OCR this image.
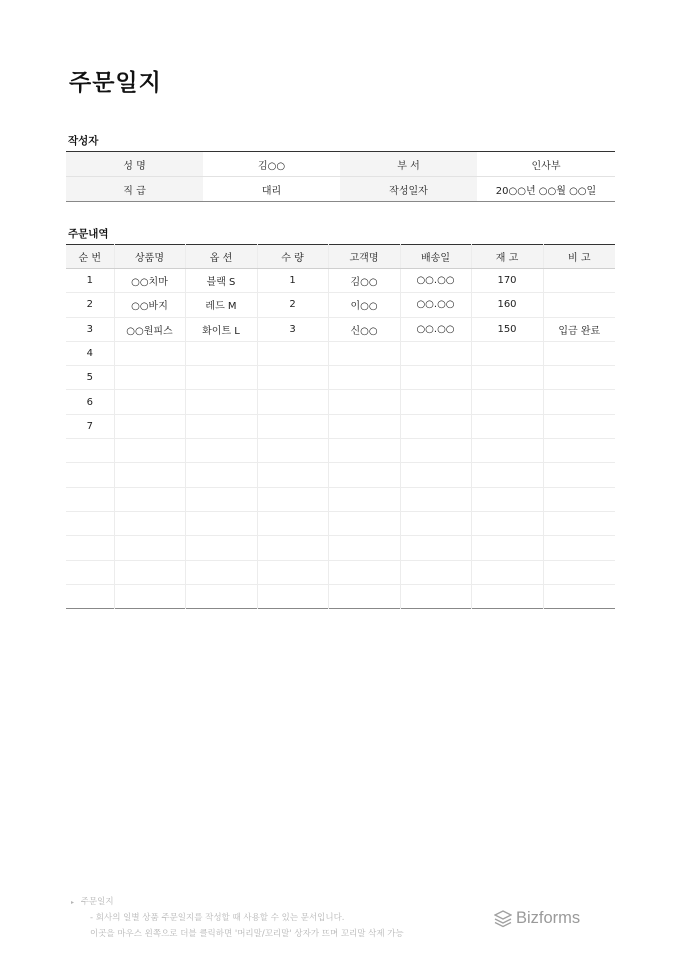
주문일지
작성자
성 명	김○○	부 서	인사부
직 급	대리	작성일자	20○○년 ○○월 ○○일
주문내역
순 번	상품명	옵 션	수 량	고객명	배송일	재 고	비 고
1	○○치마	블랙 S	1	김○○	○○.○○	170	
2	○○바지	레드 M	2	이○○	○○.○○	160	
3	○○원피스	화이트 L	3	신○○	○○.○○	150	입금 완료
4							
5							
6							
7							

▸ 주문일지
- 회사의 일별 상품 주문일지를 작성할 때 사용할 수 있는 문서입니다.
이곳을 마우스 왼쪽으로 더블 클릭하면 '머리말/꼬리말' 상자가 뜨며 꼬리말 삭제 가능
Bizforms
